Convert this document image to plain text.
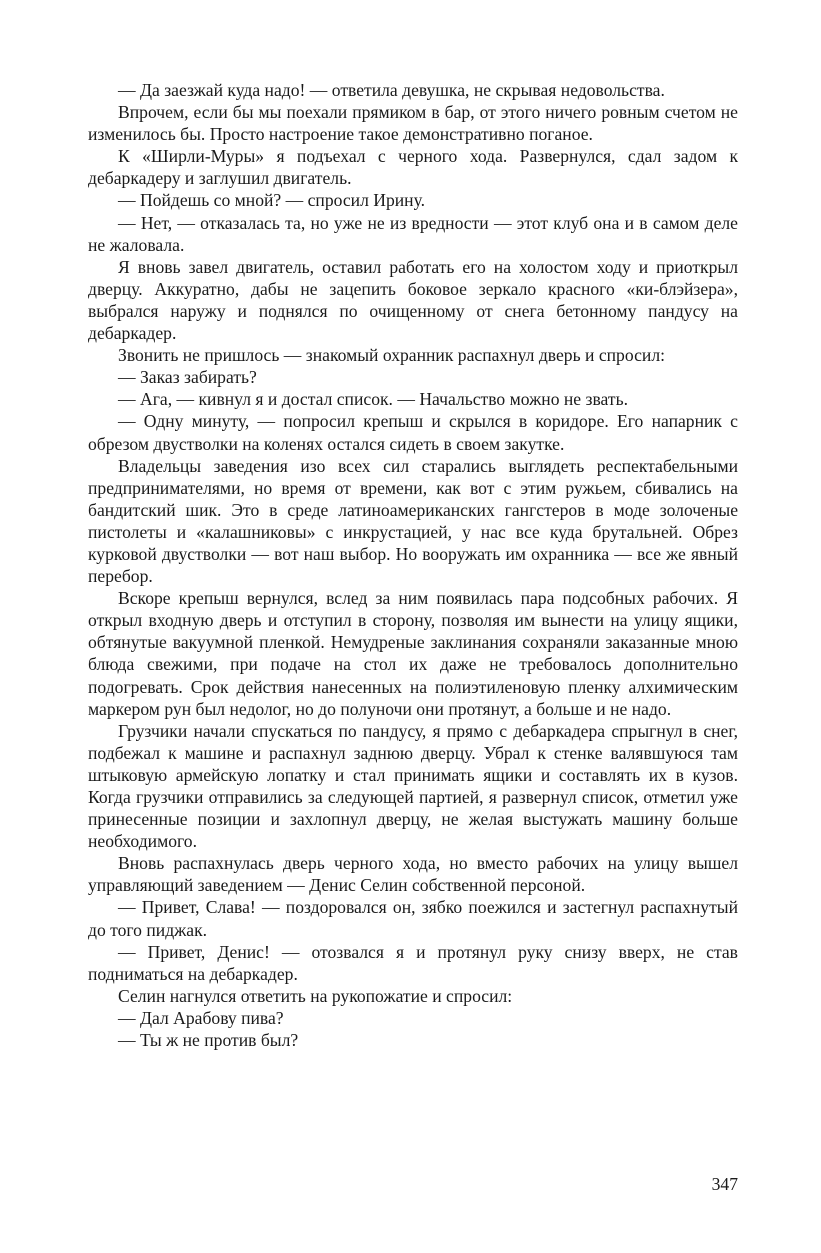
— Да заезжай куда надо! — ответила девушка, не скрывая недовольства.

Впрочем, если бы мы поехали прямиком в бар, от этого ничего ровным счетом не изменилось бы. Просто настроение такое демонстративно поганое.

К «Ширли-Муры» я подъехал с черного хода. Развернулся, сдал задом к дебаркадеру и заглушил двигатель.

— Пойдешь со мной? — спросил Ирину.

— Нет, — отказалась та, но уже не из вредности — этот клуб она и в самом деле не жаловала.

Я вновь завел двигатель, оставил работать его на холостом ходу и приоткрыл дверцу. Аккуратно, дабы не зацепить боковое зеркало красного «ки-блэйзера», выбрался наружу и поднялся по очищенному от снега бетонному пандусу на дебаркадер.

Звонить не пришлось — знакомый охранник распахнул дверь и спросил:

— Заказ забирать?

— Ага, — кивнул я и достал список. — Начальство можно не звать.

— Одну минуту, — попросил крепыш и скрылся в коридоре. Его напарник с обрезом двустволки на коленях остался сидеть в своем закутке.

Владельцы заведения изо всех сил старались выглядеть респектабельными предпринимателями, но время от времени, как вот с этим ружьем, сбивались на бандитский шик. Это в среде латиноамериканских гангстеров в моде золоченые пистолеты и «калашниковы» с инкрустацией, у нас все куда брутальней. Обрез курковой двустволки — вот наш выбор. Но вооружать им охранника — все же явный перебор.

Вскоре крепыш вернулся, вслед за ним появилась пара подсобных рабочих. Я открыл входную дверь и отступил в сторону, позволяя им вынести на улицу ящики, обтянутые вакуумной пленкой. Немудреные заклинания сохраняли заказанные мною блюда свежими, при подаче на стол их даже не требовалось дополнительно подогревать. Срок действия нанесенных на полиэтиленовую пленку алхимическим маркером рун был недолог, но до полуночи они протянут, а больше и не надо.

Грузчики начали спускаться по пандусу, я прямо с дебаркадера спрыгнул в снег, подбежал к машине и распахнул заднюю дверцу. Убрал к стенке валявшуюся там штыковую армейскую лопатку и стал принимать ящики и составлять их в кузов. Когда грузчики отправились за следующей партией, я развернул список, отметил уже принесенные позиции и захлопнул дверцу, не желая выстужать машину больше необходимого.

Вновь распахнулась дверь черного хода, но вместо рабочих на улицу вышел управляющий заведением — Денис Селин собственной персоной.

— Привет, Слава! — поздоровался он, зябко поежился и застегнул распахнутый до того пиджак.

— Привет, Денис! — отозвался я и протянул руку снизу вверх, не став подниматься на дебаркадер.

Селин нагнулся ответить на рукопожатие и спросил:

— Дал Арабову пива?

— Ты ж не против был?

347
